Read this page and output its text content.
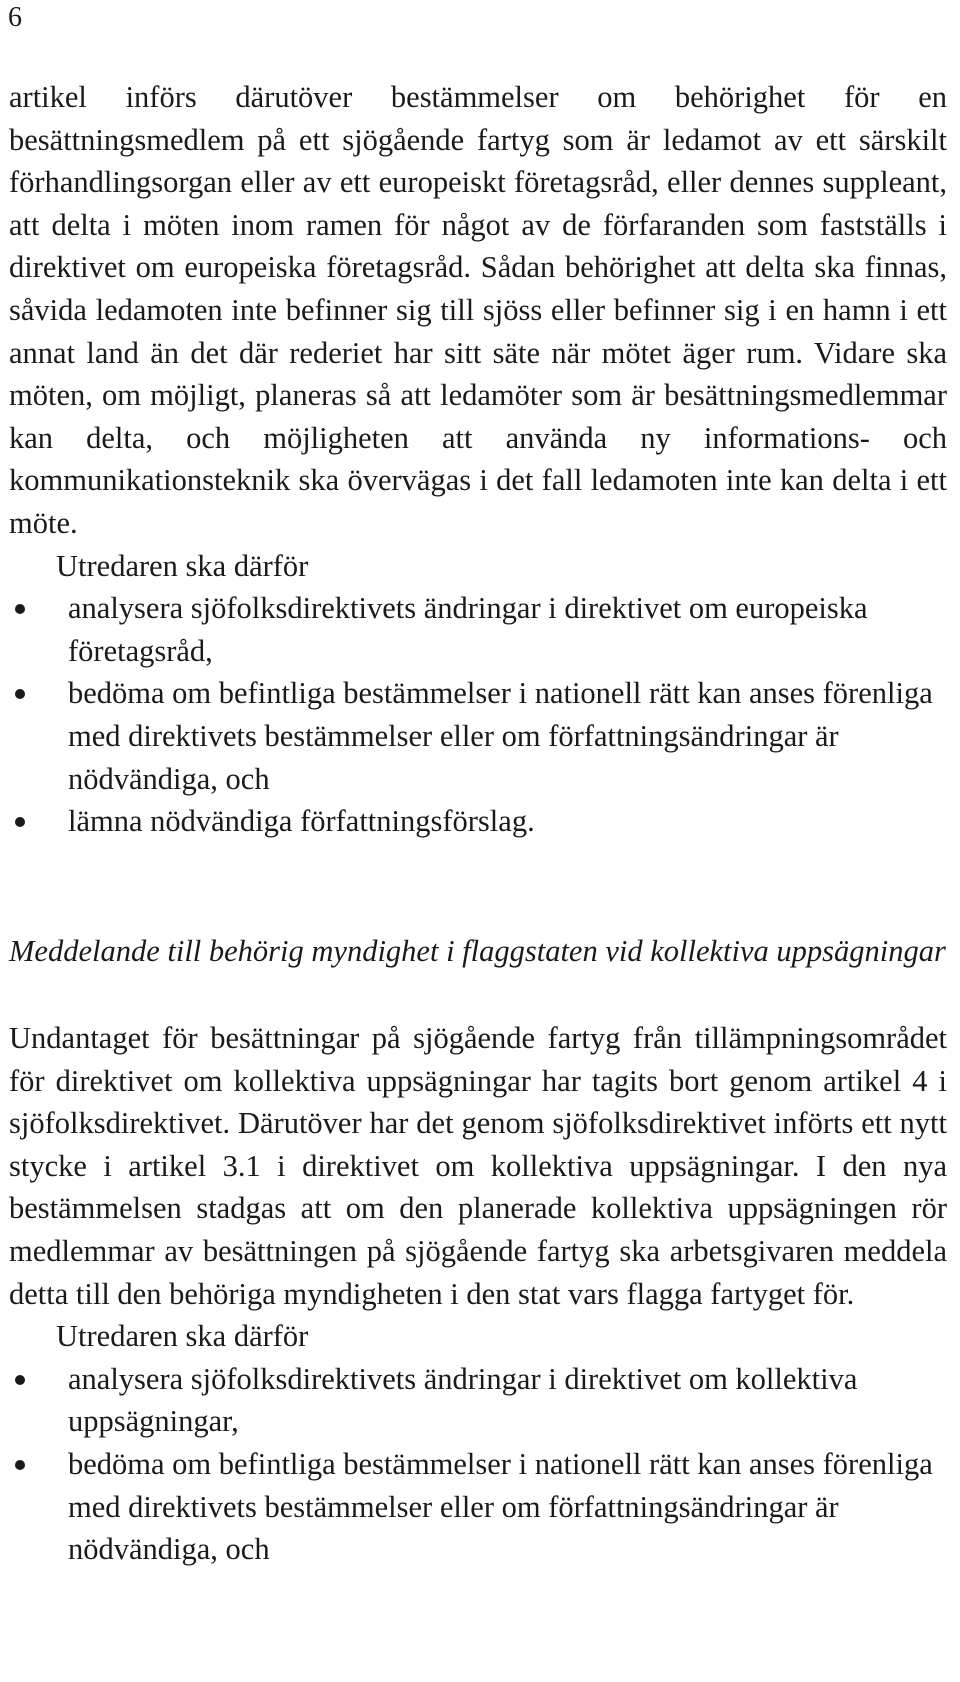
6

artikel införs därutöver bestämmelser om behörighet för en besättningsmedlem på ett sjögående fartyg som är ledamot av ett särskilt förhandlingsorgan eller av ett europeiskt företagsråd, eller dennes suppleant, att delta i möten inom ramen för något av de förfaranden som fastställs i direktivet om europeiska företagsråd. Sådan behörighet att delta ska finnas, såvida ledamoten inte befinner sig till sjöss eller befinner sig i en hamn i ett annat land än det där rederiet har sitt säte när mötet äger rum. Vidare ska möten, om möjligt, planeras så att ledamöter som är besättningsmedlemmar kan delta, och möjligheten att använda ny informations- och kommunikationsteknik ska övervägas i det fall ledamoten inte kan delta i ett möte.

Utredaren ska därför

analysera sjöfolksdirektivets ändringar i direktivet om europeiska företagsråd,
bedöma om befintliga bestämmelser i nationell rätt kan anses förenliga med direktivets bestämmelser eller om författningsändringar är nödvändiga, och
lämna nödvändiga författningsförslag.
Meddelande till behörig myndighet i flaggstaten vid kollektiva uppsägningar

Undantaget för besättningar på sjögående fartyg från tillämpningsområdet för direktivet om kollektiva uppsägningar har tagits bort genom artikel 4 i sjöfolksdirektivet. Därutöver har det genom sjöfolksdirektivet införts ett nytt stycke i artikel 3.1 i direktivet om kollektiva uppsägningar. I den nya bestämmelsen stadgas att om den planerade kollektiva uppsägningen rör medlemmar av besättningen på sjögående fartyg ska arbetsgivaren meddela detta till den behöriga myndigheten i den stat vars flagga fartyget för.

Utredaren ska därför

analysera sjöfolksdirektivets ändringar i direktivet om kollektiva uppsägningar,
bedöma om befintliga bestämmelser i nationell rätt kan anses förenliga med direktivets bestämmelser eller om författningsändringar är nödvändiga, och
